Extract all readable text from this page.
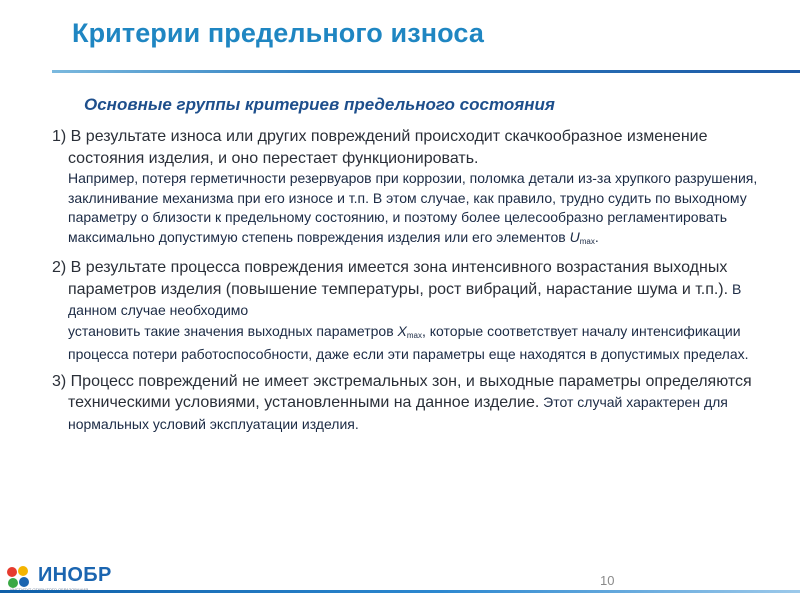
Критерии предельного износа
Основные группы критериев предельного состояния
1) В результате износа или других повреждений происходит скачкообразное изменение состояния изделия, и оно перестает функционировать.
Например, потеря герметичности резервуаров при коррозии, поломка детали из-за хрупкого разрушения, заклинивание механизма при его износе и т.п. В этом случае, как правило, трудно судить по выходному параметру о близости к предельному состоянию, и поэтому более целесообразно регламентировать максимально допустимую степень повреждения изделия или его элементов $U_{max}$.
2) В результате процесса повреждения имеется зона интенсивного возрастания выходных параметров изделия (повышение температуры, рост вибраций, нарастание шума и т.п.). В данном случае необходимо
установить такие значения выходных параметров $X_{max}$, которые соответствует началу интенсификации процесса потери работоспособности, даже если эти параметры еще находятся в допустимых пределах.
3) Процесс повреждений не имеет экстремальных зон, и выходные параметры определяются техническими условиями, установленными на данное изделие. Этот случай характерен для нормальных условий эксплуатации изделия.
ИНОБР	10
